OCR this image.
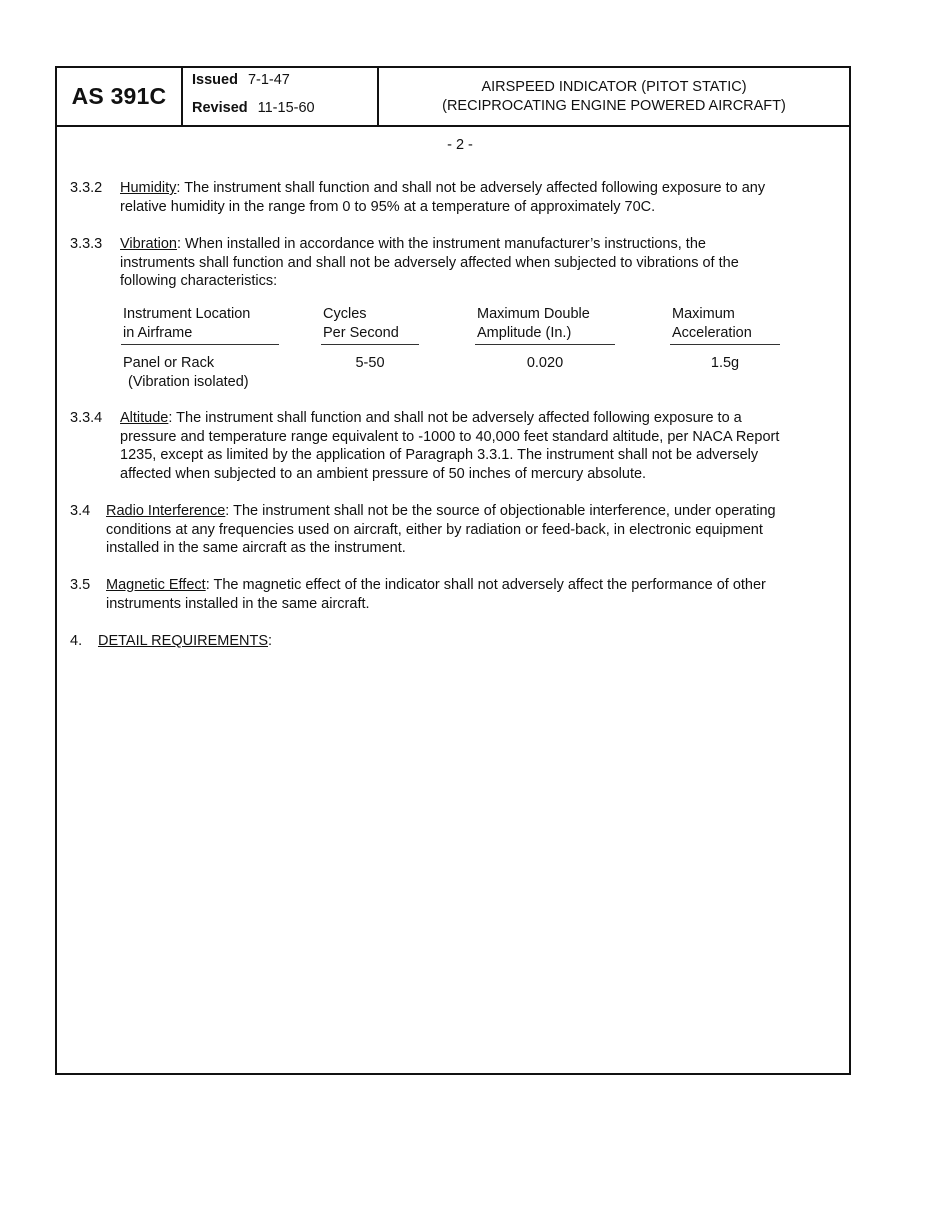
AS 391C
Issued 7-1-47
Revised 11-15-60
AIRSPEED INDICATOR (PITOT STATIC)
(RECIPROCATING ENGINE POWERED AIRCRAFT)
- 2 -
3.3.2 Humidity: The instrument shall function and shall not be adversely affected following exposure to any
relative humidity in the range from 0 to 95% at a temperature of approximately 70C.
3.3.3 Vibration: When installed in accordance with the instrument manufacturer’s instructions, the
instruments shall function and shall not be adversely affected when subjected to vibrations of the
following characteristics:
Instrument Location
in Airframe
Cycles
Per Second
Maximum Double
Amplitude (In.)
Maximum
Acceleration
Panel or Rack
(Vibration isolated)
5-50	0.020	1.5g
3.3.4 Altitude: The instrument shall function and shall not be adversely affected following exposure to a
pressure and temperature range equivalent to -1000 to 40,000 feet standard altitude, per NACA Report
1235, except as limited by the application of Paragraph 3.3.1. The instrument shall not be adversely
affected when subjected to an ambient pressure of 50 inches of mercury absolute.
3.4 Radio Interference: The instrument shall not be the source of objectionable interference, under operating
conditions at any frequencies used on aircraft, either by radiation or feed-back, in electronic equipment
installed in the same aircraft as the instrument.
3.5 Magnetic Effect: The magnetic effect of the indicator shall not adversely affect the performance of other
instruments installed in the same aircraft.
4. DETAIL REQUIREMENTS:
